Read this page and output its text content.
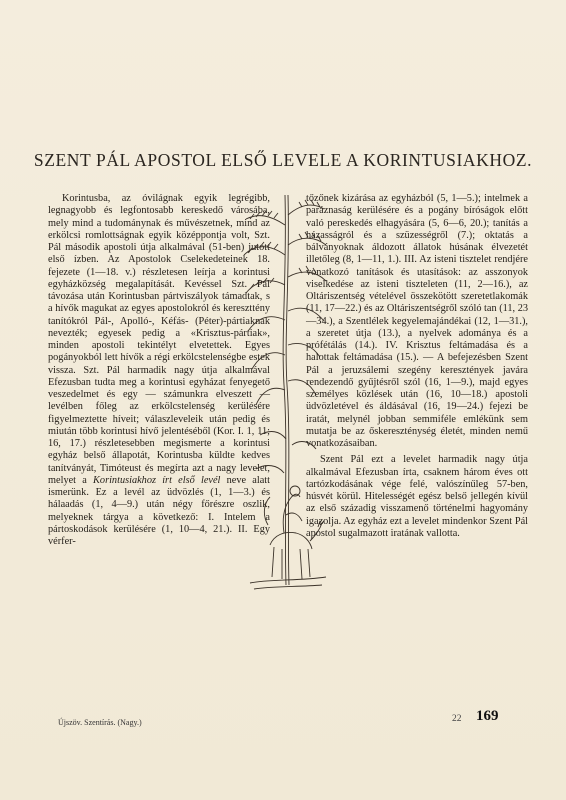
SZENT PÁL APOSTOL ELSŐ LEVELE A KORINTUSIAKHOZ.

Korintusba, az óvilágnak egyik legrégibb, legnagyobb és legfontosabb kereskedő városába, mely mind a tudománynak és művészetnek, mind az erkölcsi romlottságnak egyik középpontja volt, Szt. Pál második apostoli útja alkalmával (51-ben) jutott első ízben. Az Apostolok Cselekedeteinek 18. fejezete (1—18. v.) részletesen leírja a korintusi egyházközség megalapítását. Kevéssel Szt. Pál távozása után Korintusban pártviszályok támadtak, s a hívők magukat az egyes apostolokról és kereszttény tanítókról Pál-, Apolló-, Kéfás- (Péter)-pártiaknak nevezték; egyesek pedig a «Krisztus-pártiak», minden apostoli tekintélyt elvetettek. Egyes pogányokból lett hívők a régi erkölcstelenségbe estek vissza. Szt. Pál harmadik nagy útja alkalmával Efezusban tudta meg a korintusi egyházat fenyegető veszedelmet és egy — számunkra elveszett — levélben főleg az erkölcstelenség kerülésére figyelmeztette híveit; válaszleveleik után pedig és miután több korintusi hívő jelentéséből (Kor. I. 1, 11; 16, 17.) részletesebben megismerte a korintusi egyház belső állapotát, Korintusba küldte kedves tanítványát, Timóteust és megírta azt a nagy levelet, melyet a Korintusiakhoz írt első levél neve alatt ismerünk. Ez a levél az üdvözlés (1, 1—3.) és hálaadás (1, 4—9.) után négy főrészre oszlik, melyeknek tárgya a következő: I. Intelem a pártoskodások kerülésére (1, 10—4, 21.). II. Egy vérfer-

tőzőnek kizárása az egyházból (5, 1—5.); intelmek a paráznaság kerülésére és a pogány bíróságok előtt való pereskedés elhagyására (5, 6—6, 20.); tanítás a házasságról és a szüzességről (7.); oktatás a bálványoknak áldozott állatok húsának élvezetét illetőleg (8, 1—11, 1.). III. Az isteni tisztelet rendjére vonatkozó tanítások és utasítások: az asszonyok viselkedése az isteni tiszteleten (11, 2—16.), az Oltáriszentség vételével összekötött szeretetlakomák (11, 17—22.) és az Oltáriszentségről szóló tan (11, 23—34.), a Szentlélek kegyelemajándékai (12, 1—31.), a szeretet útja (13.), a nyelvek adománya és a prófétálás (14.). IV. Krisztus feltámadása és a halottak feltámadása (15.). — A befejezésben Szent Pál a jeruzsálemi szegény keresztények javára rendezendő gyűjtésről szól (16, 1—9.), majd egyes személyes közlések után (16, 10—18.) apostoli üdvözletével és áldásával (16, 19—24.) fejezi be iratát, melynél jobban semmiféle emlékünk sem mutatja be az őskereszténység életét, minden nemű vonatkozásaiban.

Szent Pál ezt a levelet harmadik nagy útja alkalmával Efezusban írta, csaknem három éves ott tartózkodásának vége felé, valószínűleg 57-ben, húsvét körül. Hitelességét egész belső jellegén kívül az első századig visszamenő történelmi hagyomány igazolja. Az egyház ezt a levelet mindenkor Szent Pál apostol sugalmazott iratának vallotta.

Újszöv. Szentírás. (Nagy.)	22 169
